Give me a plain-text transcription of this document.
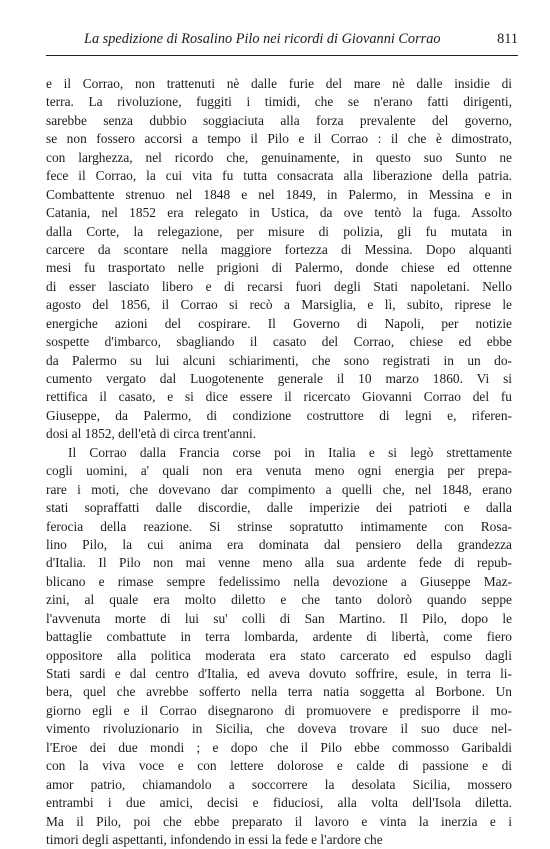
La spedizione di Rosalino Pilo nei ricordi di Giovanni Corrao	811
e il Corrao, non trattenuti nè dalle furie del mare nè dalle insidie di
terra. La rivoluzione, fuggiti i timidi, che se n'erano fatti dirigenti,
sarebbe senza dubbio soggiaciuta alla forza prevalente del governo,
se non fossero accorsi a tempo il Pilo e il Corrao : il che è dimostrato,
con larghezza, nel ricordo che, genuinamente, in questo suo Sunto ne
fece il Corrao, la cui vita fu tutta consacrata alla liberazione della patria.
Combattente strenuo nel 1848 e nel 1849, in Palermo, in Messina e in
Catania, nel 1852 era relegato in Ustica, da ove tentò la fuga. Assolto
dalla Corte, la relegazione, per misure di polizia, gli fu mutata in
carcere da scontare nella maggiore fortezza di Messina. Dopo alquanti
mesi fu trasportato nelle prigioni di Palermo, donde chiese ed ottenne
di esser lasciato libero e di recarsi fuori degli Stati napoletani. Nello
agosto del 1856, il Corrao si recò a Marsiglia, e lì, subito, riprese le
energiche azioni del cospirare. Il Governo di Napoli, per notizie
sospette d'imbarco, sbagliando il casato del Corrao, chiese ed ebbe
da Palermo su lui alcuni schiarimenti, che sono registrati in un do-
cumento vergato dal Luogotenente generale il 10 marzo 1860. Vi si
rettifica il casato, e si dice essere il ricercato Giovanni Corrao del fu
Giuseppe, da Palermo, di condizione costruttore di legni e, riferen-
dosi al 1852, dell'età di circa trent'anni.
Il Corrao dalla Francia corse poi in Italia e si legò strettamente
cogli uomini, a' quali non era venuta meno ogni energia per prepa-
rare i moti, che dovevano dar compimento a quelli che, nel 1848, erano
stati sopraffatti dalle discordie, dalle imperizie dei patrioti e dalla
ferocia della reazione. Si strinse sopratutto intimamente con Rosa-
lino Pilo, la cui anima era dominata dal pensiero della grandezza
d'Italia. Il Pilo non mai venne meno alla sua ardente fede di repub-
blicano e rimase sempre fedelissimo nella devozione a Giuseppe Maz-
zini, al quale era molto diletto e che tanto dolorò quando seppe
l'avvenuta morte di lui su' colli di San Martino. Il Pilo, dopo le
battaglie combattute in terra lombarda, ardente di libertà, come fiero
oppositore alla politica moderata era stato carcerato ed espulso dagli
Stati sardi e dal centro d'Italia, ed aveva dovuto soffrire, esule, in terra li-
bera, quel che avrebbe sofferto nella terra natia soggetta al Borbone. Un
giorno egli e il Corrao disegnarono di promuovere e predisporre il mo-
vimento rivoluzionario in Sicilia, che doveva trovare il suo duce nel-
l'Eroe dei due mondi ; e dopo che il Pilo ebbe commosso Garibaldi
con la viva voce e con lettere dolorose e calde di passione e di
amor patrio, chiamandolo a soccorrere la desolata Sicilia, mossero
entrambi i due amici, decisi e fiduciosi, alla volta dell'Isola diletta.
Ma il Pilo, poi che ebbe preparato il lavoro e vinta la inerzia e i
timori degli aspettanti, infondendo in essi la fede e l'ardore che
